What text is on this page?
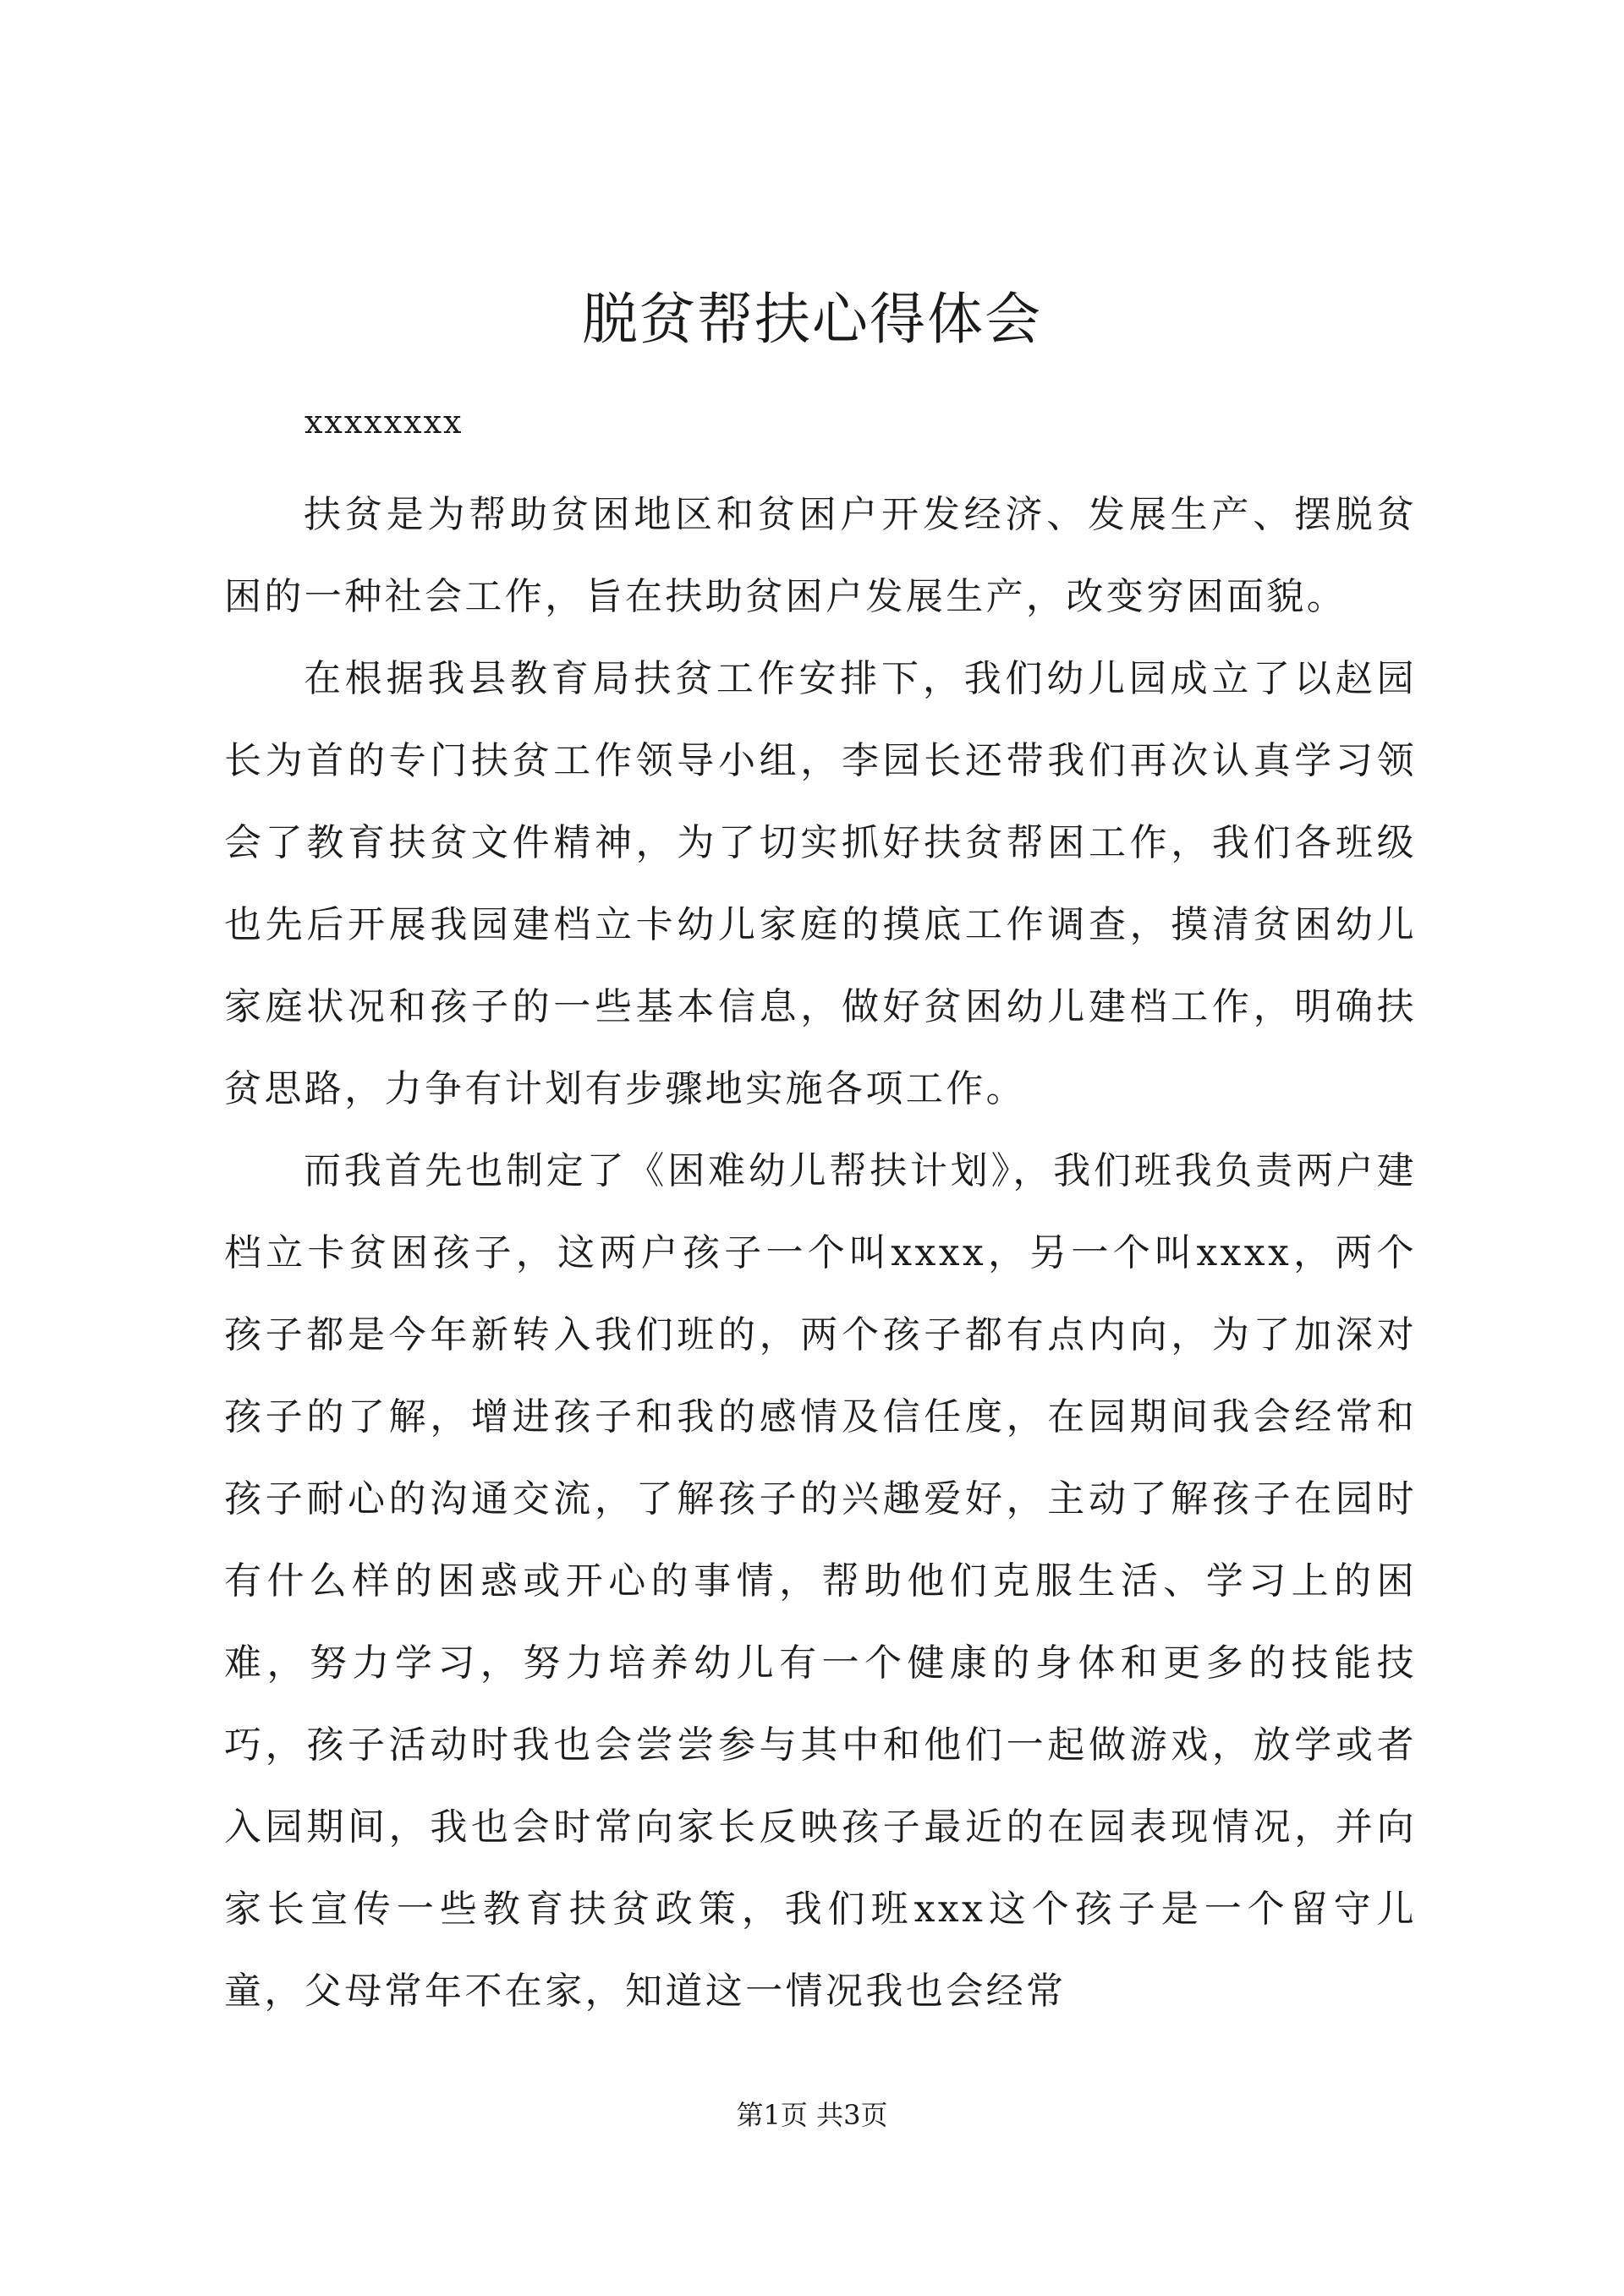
脱贫帮扶心得体会
xxxxxxxx

扶贫是为帮助贫困地区和贫困户开发经济、发展生产、摆脱贫困的一种社会工作，旨在扶助贫困户发展生产，改变穷困面貌。

在根据我县教育局扶贫工作安排下，我们幼儿园成立了以赵园长为首的专门扶贫工作领导小组，李园长还带我们再次认真学习领会了教育扶贫文件精神，为了切实抓好扶贫帮困工作，我们各班级也先后开展我园建档立卡幼儿家庭的摸底工作调查，摸清贫困幼儿家庭状况和孩子的一些基本信息，做好贫困幼儿建档工作，明确扶贫思路，力争有计划有步骤地实施各项工作。

而我首先也制定了《困难幼儿帮扶计划》，我们班我负责两户建档立卡贫困孩子，这两户孩子一个叫xxxx，另一个叫xxxx，两个孩子都是今年新转入我们班的，两个孩子都有点内向，为了加深对孩子的了解，增进孩子和我的感情及信任度，在园期间我会经常和孩子耐心的沟通交流，了解孩子的兴趣爱好，主动了解孩子在园时有什么样的困惑或开心的事情，帮助他们克服生活、学习上的困难，努力学习，努力培养幼儿有一个健康的身体和更多的技能技巧，孩子活动时我也会尝尝参与其中和他们一起做游戏，放学或者入园期间，我也会时常向家长反映孩子最近的在园表现情况，并向家长宣传一些教育扶贫政策，我们班xxx这个孩子是一个留守儿童，父母常年不在家，知道这一情况我也会经常

第1页 共3页
